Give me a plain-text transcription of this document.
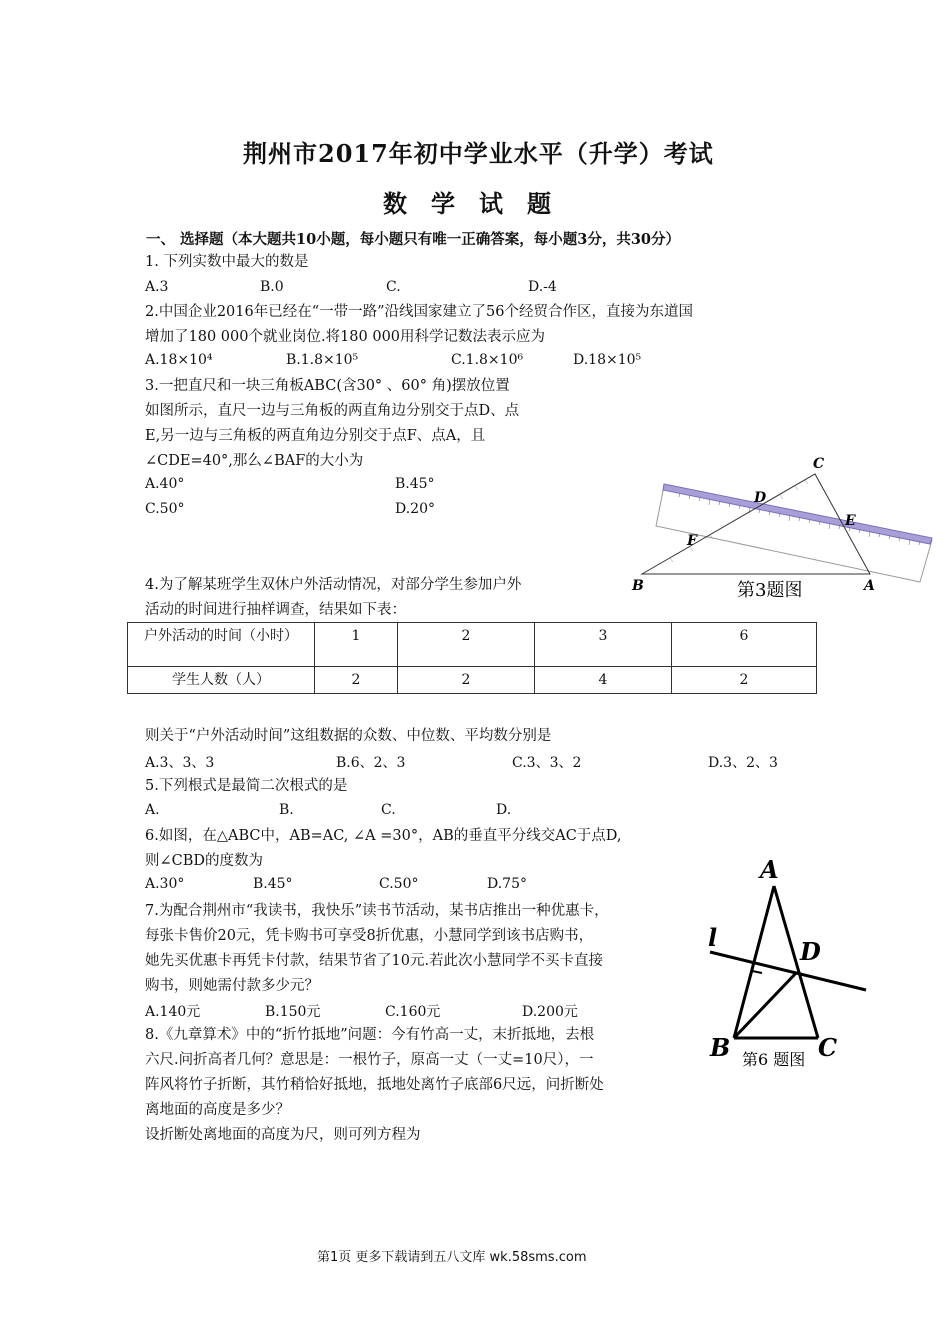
荆州市2017年初中学业水平（升学）考试
数　学　试　题
一、 选择题（本大题共10小题，每小题只有唯一正确答案，每小题3分，共30分）
1. 下列实数中最大的数是
A.3	B.0	C.	D.-4
2.中国企业2016年已经在“一带一路”沿线国家建立了56个经贸合作区，直接为东道国
增加了180 000个就业岗位.将180 000用科学记数法表示应为
A.18×10⁴	B.1.8×10⁵	C.1.8×10⁶	D.18×10⁵
3.一把直尺和一块三角板ABC(含30° 、60° 角)摆放位置
如图所示，直尺一边与三角板的两直角边分别交于点D、点
E,另一边与三角板的两直角边分别交于点F、点A，且
∠CDE=40°,那么∠BAF的大小为
A.40°	B.45°
C.50°	D.20°
C
D
E
F
B	A
第3题图
4.为了解某班学生双休户外活动情况，对部分学生参加户外
活动的时间进行抽样调查，结果如下表：
户外活动的时间（小时）	1	2	3	6
学生人数（人）	2	2	4	2
则关于“户外活动时间”这组数据的众数、中位数、平均数分别是
A.3、3、3	B.6、2、3	C.3、3、2	D.3、2、3
5.下列根式是最简二次根式的是
A.	B.	C.	D.
6.如图，在△ABC中，AB=AC, ∠A =30°，AB的垂直平分线交AC于点D,
则∠CBD的度数为
A.30°	B.45°	C.50°	D.75°	A
l	D
B	C
第6 题图
7.为配合荆州市“我读书，我快乐”读书节活动，某书店推出一种优惠卡，
每张卡售价20元，凭卡购书可享受8折优惠，小慧同学到该书店购书，
她先买优惠卡再凭卡付款，结果节省了10元.若此次小慧同学不买卡直接
购书，则她需付款多少元？
A.140元	B.150元	C.160元	D.200元
8.《九章算术》中的“折竹抵地”问题：今有竹高一丈，末折抵地，去根
六尺.问折高者几何？意思是：一根竹子，原高一丈（一丈=10尺），一
阵风将竹子折断，其竹稍恰好抵地，抵地处离竹子底部6尺远，问折断处
离地面的高度是多少？
设折断处离地面的高度为尺，则可列方程为
第1页 更多下载请到五八文库 wk.58sms.com
